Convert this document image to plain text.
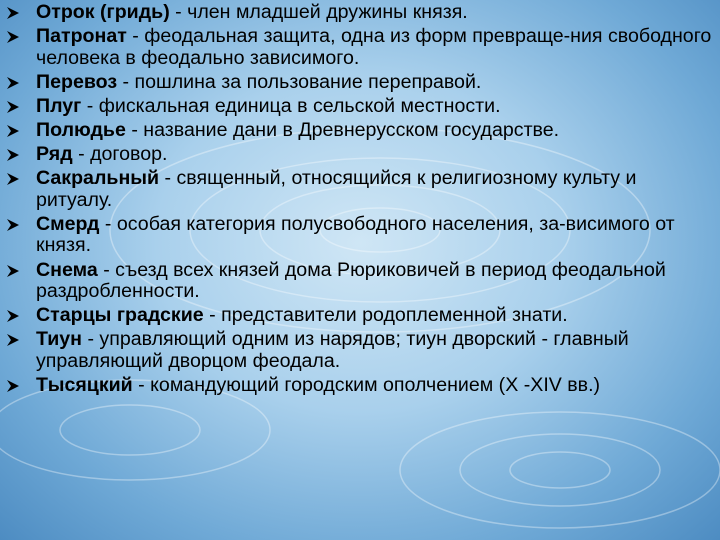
Отрок (гридь) - член младшей дружины князя.
Патронат - феодальная защита, одна из форм превраще-ния свободного человека в феодально зависимого.
Перевоз - пошлина за пользование переправой.
Плуг - фискальная единица в сельской местности.
Полюдье - название дани в Древнерусском государстве.
Ряд - договор.
Сакральный - священный, относящийся к религиозному культу и ритуалу.
Смерд - особая категория полусвободного населения, за-висимого от князя.
Снема - съезд всех князей дома Рюриковичей в период феодальной раздробленности.
Старцы градские - представители родоплеменной знати.
Тиун - управляющий одним из нарядов; тиун дворский - главный управляющий дворцом феодала.
Тысяцкий - командующий городским ополчением (X -XIV вв.)
